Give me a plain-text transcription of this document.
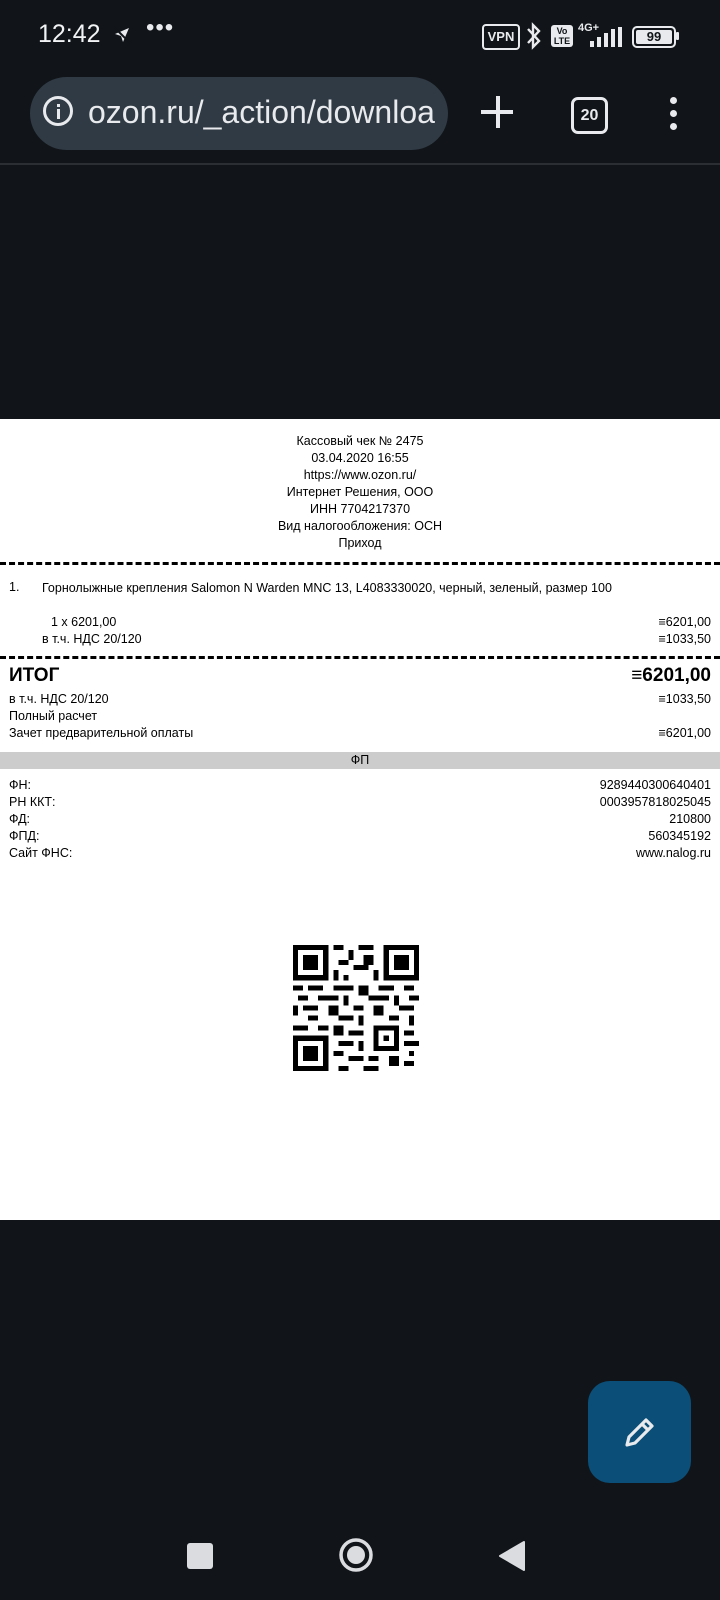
12:42 •••	VPN	Vo LTE
4G+
99
ozon.ru/_action/downloa	20
Кассовый чек № 2475
03.04.2020 16:55
https://www.ozon.ru/
Интернет Решения, ООО
ИНН 7704217370
Вид налогообложения: ОСН
Приход
1. Горнолыжные крепления Salomon N Warden MNC 13, L4083330020, черный, зеленый, размер 100
1 x 6201,00	≡6201,00
в т.ч. НДС 20/120	≡1033,50
ИТОГ	≡6201,00
в т.ч. НДС 20/120	≡1033,50
Полный расчет
Зачет предварительной оплаты	≡6201,00
ФП
ФН:	9289440300640401
РН ККТ:	0003957818025045
ФД:	210800
ФПД:	560345192
Сайт ФНС:	www.nalog.ru
